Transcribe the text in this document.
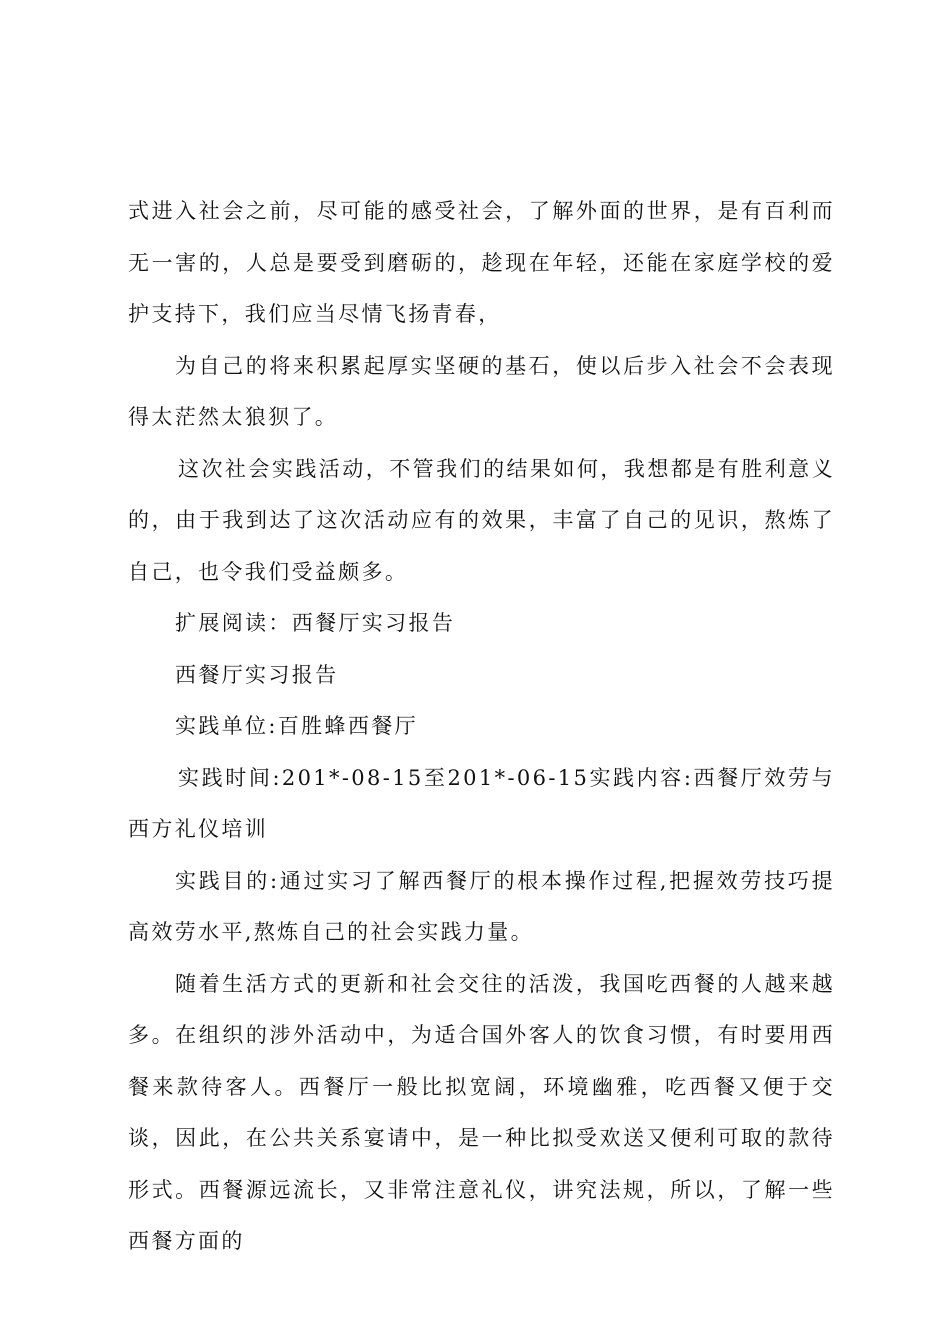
式进入社会之前，尽可能的感受社会，了解外面的世界，是有百利而无一害的，人总是要受到磨砺的，趁现在年轻，还能在家庭学校的爱护支持下，我们应当尽情飞扬青春，

为自己的将来积累起厚实坚硬的基石，使以后步入社会不会表现得太茫然太狼狈了。

这次社会实践活动，不管我们的结果如何，我想都是有胜利意义的，由于我到达了这次活动应有的效果，丰富了自己的见识，熬炼了自己，也令我们受益颇多。

扩展阅读：西餐厅实习报告

西餐厅实习报告

实践单位:百胜蜂西餐厅

实践时间:201*-08-15至201*-06-15实践内容:西餐厅效劳与西方礼仪培训

实践目的:通过实习了解西餐厅的根本操作过程,把握效劳技巧提高效劳水平,熬炼自己的社会实践力量。

随着生活方式的更新和社会交往的活泼，我国吃西餐的人越来越多。在组织的涉外活动中，为适合国外客人的饮食习惯，有时要用西餐来款待客人。西餐厅一般比拟宽阔，环境幽雅，吃西餐又便于交谈，因此，在公共关系宴请中，是一种比拟受欢送又便利可取的款待形式。西餐源远流长，又非常注意礼仪，讲究法规，所以，了解一些西餐方面的
